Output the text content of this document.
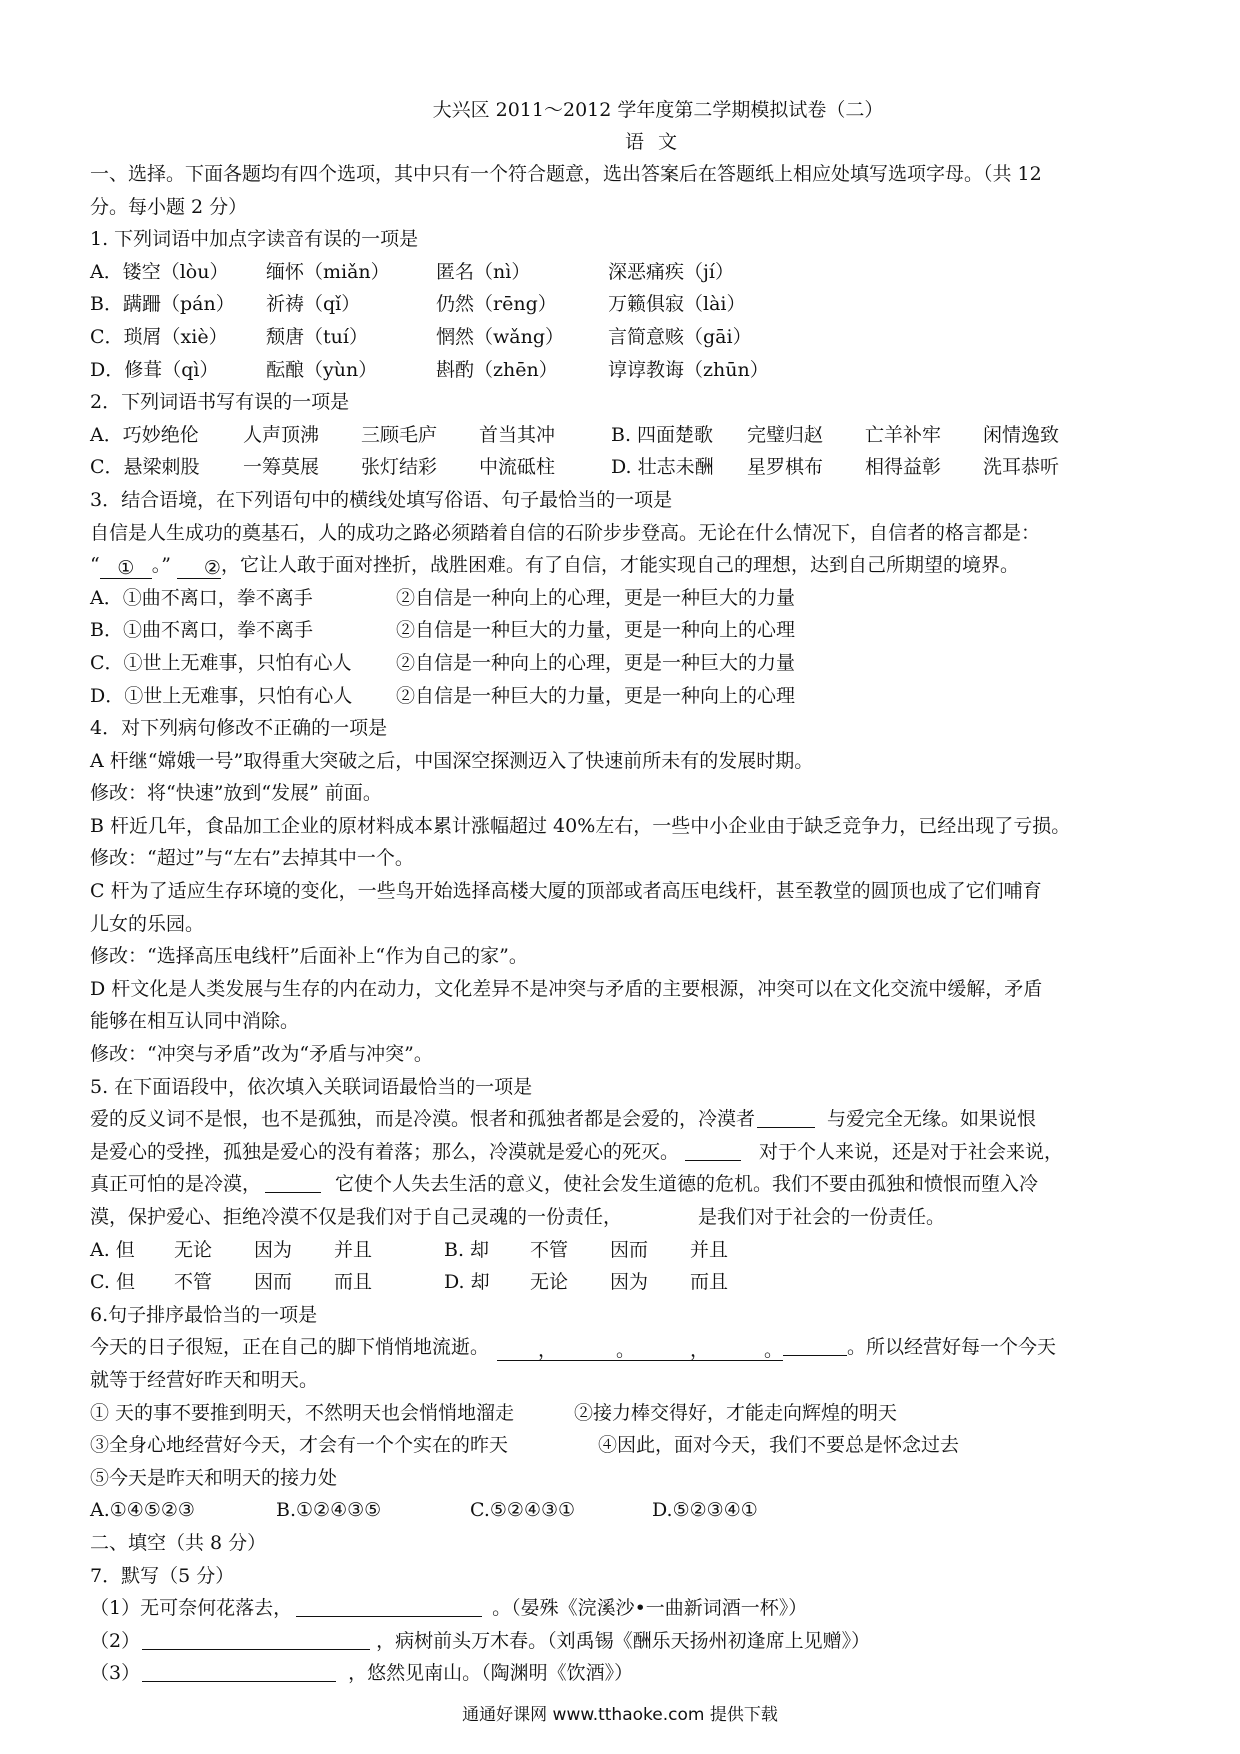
大兴区 2011～2012 学年度第二学期模拟试卷（二）
语文
一、选择。下面各题均有四个选项，其中只有一个符合题意，选出答案后在答题纸上相应处填写选项字母。（共 12
分。每小题 2 分）
1. 下列词语中加点字读音有误的一项是
A．镂空（lòu）	缅怀（miǎn）	匿名（nì）	深恶痛疾（jí）
B．蹒跚（pán）	祈祷（qǐ）	仍然（rēng）	万籁俱寂（lài）
C．琐屑（xiè）	颓唐（tuí）	惘然（wǎng）	言简意赅（gāi）
D．修葺（qì）	酝酿（yùn）	斟酌（zhēn）	谆谆教诲（zhūn）
2．下列词语书写有误的一项是
A．巧妙绝伦	人声顶沸	三顾毛庐	首当其冲	B. 四面楚歌	完璧归赵	亡羊补牢	闲情逸致
C．悬梁刺股	一筹莫展	张灯结彩	中流砥柱	D. 壮志未酬	星罗棋布	相得益彰	洗耳恭听
3．结合语境，在下列语句中的横线处填写俗语、句子最恰当的一项是
自信是人生成功的奠基石，人的成功之路必须踏着自信的石阶步步登高。无论在什么情况下，自信者的格言都是：
“ ① 。” ②，它让人敢于面对挫折，战胜困难。有了自信，才能实现自己的理想，达到自己所期望的境界。
A．①曲不离口，拳不离手	②自信是一种向上的心理，更是一种巨大的力量
B．①曲不离口，拳不离手	②自信是一种巨大的力量，更是一种向上的心理
C．①世上无难事，只怕有心人	②自信是一种向上的心理，更是一种巨大的力量
D．①世上无难事，只怕有心人	②自信是一种巨大的力量，更是一种向上的心理
4．对下列病句修改不正确的一项是
A 杆继“嫦娥一号”取得重大突破之后，中国深空探测迈入了快速前所未有的发展时期。
修改：将“快速”放到“发展” 前面。
B 杆近几年，食品加工企业的原材料成本累计涨幅超过 40%左右，一些中小企业由于缺乏竞争力，已经出现了亏损。
修改：“超过”与“左右”去掉其中一个。
C 杆为了适应生存环境的变化，一些鸟开始选择高楼大厦的顶部或者高压电线杆，甚至教堂的圆顶也成了它们哺育
儿女的乐园。
修改：“选择高压电线杆”后面补上“作为自己的家”。
D 杆文化是人类发展与生存的内在动力，文化差异不是冲突与矛盾的主要根源，冲突可以在文化交流中缓解，矛盾
能够在相互认同中消除。
修改：“冲突与矛盾”改为“矛盾与冲突”。
5. 在下面语段中，依次填入关联词语最恰当的一项是
爱的反义词不是恨，也不是孤独，而是冷漠。恨者和孤独者都是会爱的，冷漠者	与爱完全无缘。如果说恨
是爱心的受挫，孤独是爱心的没有着落；那么，冷漠就是爱心的死灭。	对于个人来说，还是对于社会来说，
真正可怕的是冷漠，	它使个人失去生活的意义，使社会发生道德的危机。我们不要由孤独和愤恨而堕入冷
漠，保护爱心、拒绝冷漠不仅是我们对于自己灵魂的一份责任，	是我们对于社会的一份责任。
A. 但	无论	因为	并且	B. 却	不管	因而	并且
C. 但	不管	因而	而且	D. 却	无论	因为	而且
6.句子排序最恰当的一项是
今天的日子很短，正在自己的脚下悄悄地流逝。	，	。	，	。	。所以经营好每一个今天
就等于经营好昨天和明天。
① 天的事不要推到明天，不然明天也会悄悄地溜走	②接力棒交得好，才能走向辉煌的明天
③全身心地经营好今天，才会有一个个实在的昨天	④因此，面对今天，我们不要总是怀念过去
⑤今天是昨天和明天的接力处
A.①④⑤②③	B.①②④③⑤	C.⑤②④③①	D.⑤②③④①
二、填空（共 8 分）
7．默写（5 分）
（1）无可奈何花落去，	。（晏殊《浣溪沙•一曲新词酒一杯》）
（2）	，病树前头万木春。（刘禹锡《酬乐天扬州初逢席上见赠》）
（3）	，悠然见南山。（陶渊明《饮酒》）
通通好课网 www.tthaoke.com 提供下载
